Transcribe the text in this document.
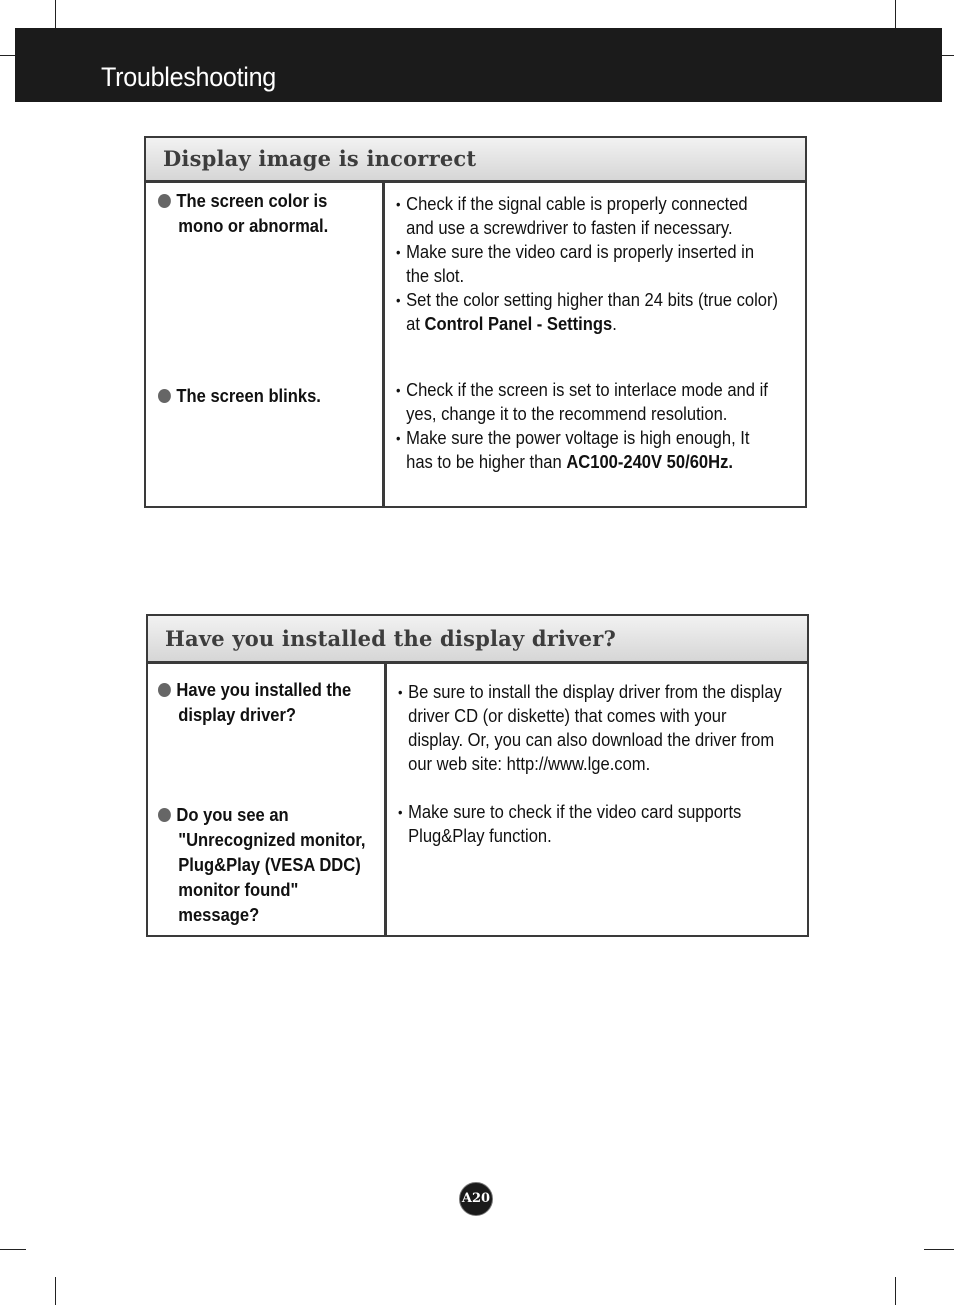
Troubleshooting
Display image is incorrect
The screen color is
mono or abnormal.
• Check if the signal cable is properly connected
and use a screwdriver to fasten if necessary.
• Make sure the video card is properly inserted in
the slot.
• Set the color setting higher than 24 bits (true color)
at Control Panel - Settings.
The screen blinks.	• Check if the screen is set to interlace mode and if
yes, change it to the recommend resolution.
• Make sure the power voltage is high enough, It
has to be higher than AC100-240V 50/60Hz.
Have you installed the display driver?
Have you installed the
display driver?
• Be sure to install the display driver from the display
driver CD (or diskette) that comes with your
display. Or, you can also download the driver from
our web site: http://www.lge.com.
Do you see an
"Unrecognized monitor,
Plug&Play (VESA DDC)
monitor found"
message?
• Make sure to check if the video card supports
Plug&Play function.
A20
